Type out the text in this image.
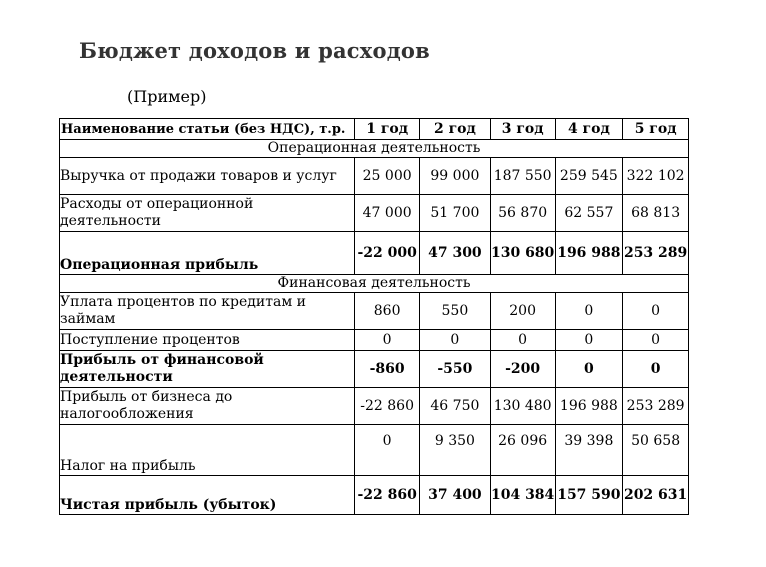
Бюджет доходов и расходов
(Пример)
Наименование статьи (без НДС), т.р.	1 год	2 год	3 год	4 год	5 год
Операционная деятельность					
Выручка от продажи товаров и услуг	25 000	99 000	187 550	259 545	322 102
Расходы от операционной деятельности	47 000	51 700	56 870	62 557	68 813
Операционная прибыль	-22 000	47 300	130 680	196 988	253 289
Финансовая деятельность					
Уплата процентов по кредитам и займам	860	550	200	0	0
Поступление процентов	0	0	0	0	0
Прибыль от финансовой деятельности	-860	-550	-200	0	0
Прибыль от бизнеса до налогообложения	-22 860	46 750	130 480	196 988	253 289
Налог на прибыль	0	9 350	26 096	39 398	50 658
Чистая прибыль (убыток)	-22 860	37 400	104 384	157 590	202 631
